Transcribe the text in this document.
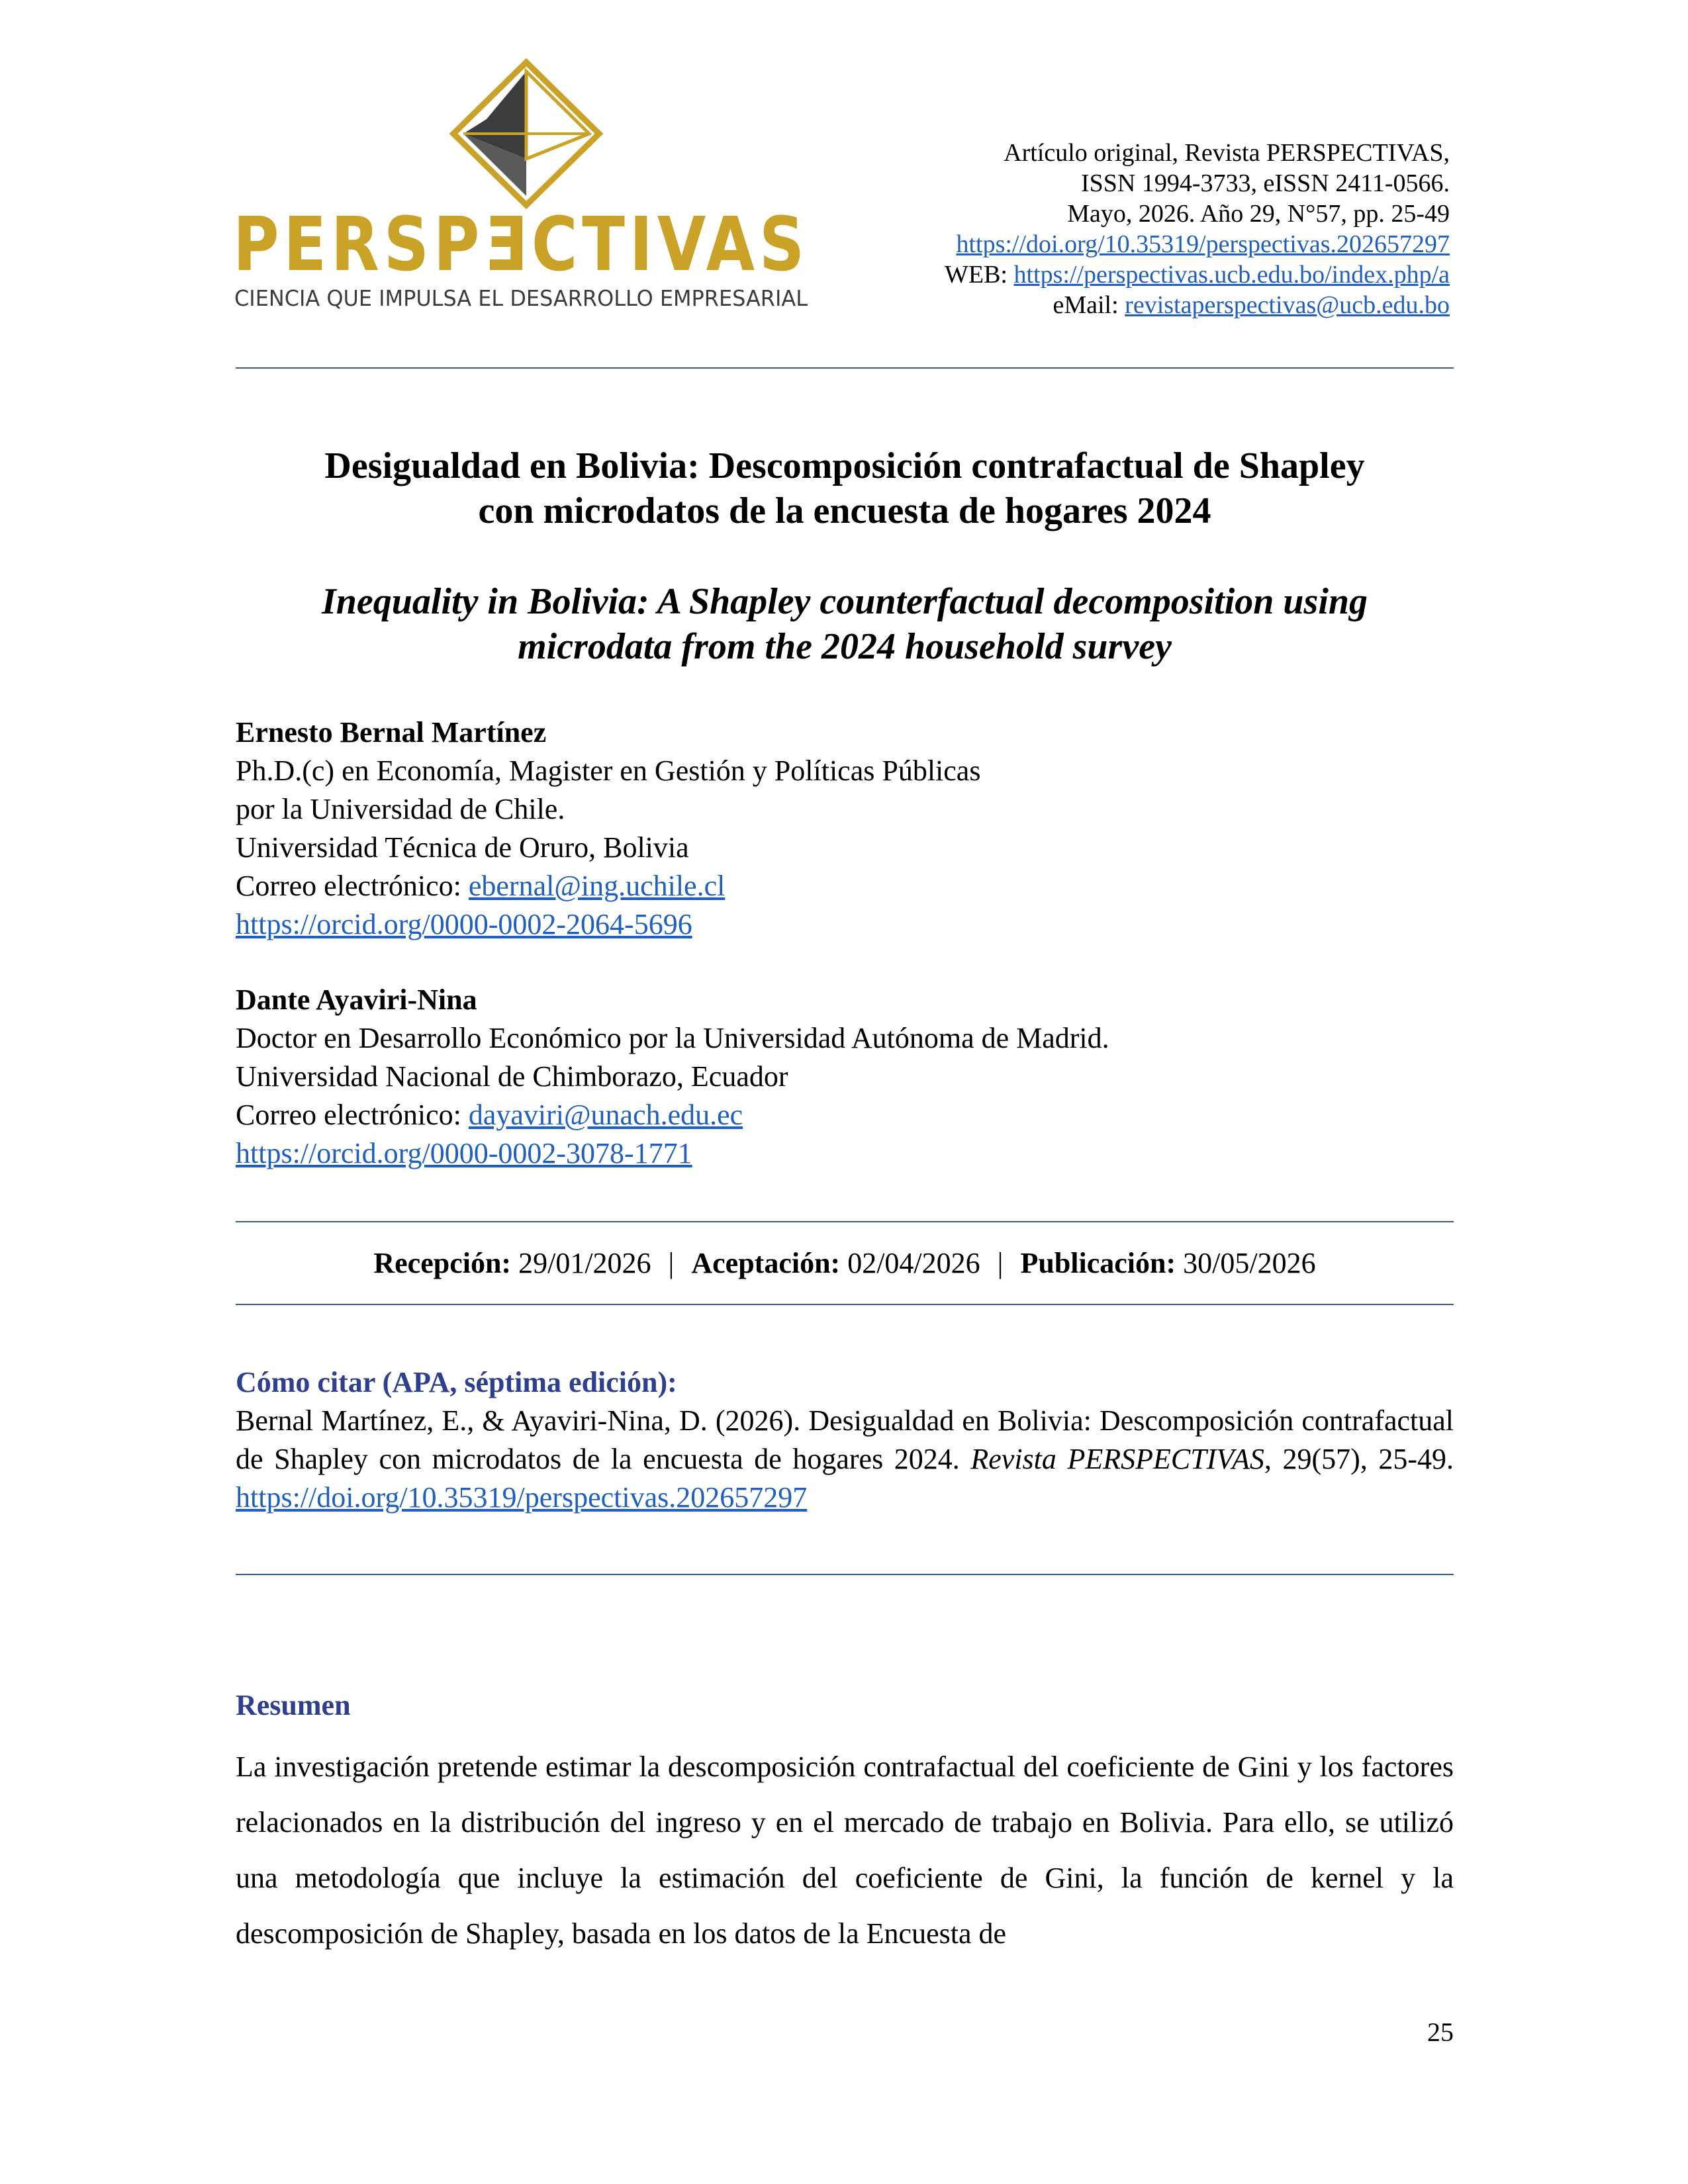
PERSPƎCTIVAS
CIENCIA QUE IMPULSA EL DESARROLLO EMPRESARIAL
Artículo original, Revista PERSPECTIVAS,
ISSN 1994-3733, eISSN 2411-0566.
Mayo, 2026. Año 29, N°57, pp. 25-49
https://doi.org/10.35319/perspectivas.202657297
WEB: https://perspectivas.ucb.edu.bo/index.php/a
eMail: revistaperspectivas@ucb.edu.bo
Desigualdad en Bolivia: Descomposición contrafactual de Shapley
con microdatos de la encuesta de hogares 2024
Inequality in Bolivia: A Shapley counterfactual decomposition using
microdata from the 2024 household survey
Ernesto Bernal Martínez
Ph.D.(c) en Economía, Magister en Gestión y Políticas Públicas
por la Universidad de Chile.
Universidad Técnica de Oruro, Bolivia
Correo electrónico: ebernal@ing.uchile.cl
https://orcid.org/0000-0002-2064-5696
Dante Ayaviri-Nina
Doctor en Desarrollo Económico por la Universidad Autónoma de Madrid.
Universidad Nacional de Chimborazo, Ecuador
Correo electrónico: dayaviri@unach.edu.ec
https://orcid.org/0000-0002-3078-1771
Recepción: 29/01/2026 | Aceptación: 02/04/2026 | Publicación: 30/05/2026
Cómo citar (APA, séptima edición):
Bernal Martínez, E., & Ayaviri-Nina, D. (2026). Desigualdad en Bolivia: Descomposición contrafactual de Shapley con microdatos de la encuesta de hogares 2024. Revista PERSPECTIVAS, 29(57), 25-49. https://doi.org/10.35319/perspectivas.202657297
Resumen
La investigación pretende estimar la descomposición contrafactual del coeficiente de Gini y los factores relacionados en la distribución del ingreso y en el mercado de trabajo en Bolivia. Para ello, se utilizó una metodología que incluye la estimación del coeficiente de Gini, la función de kernel y la descomposición de Shapley, basada en los datos de la Encuesta de
25
